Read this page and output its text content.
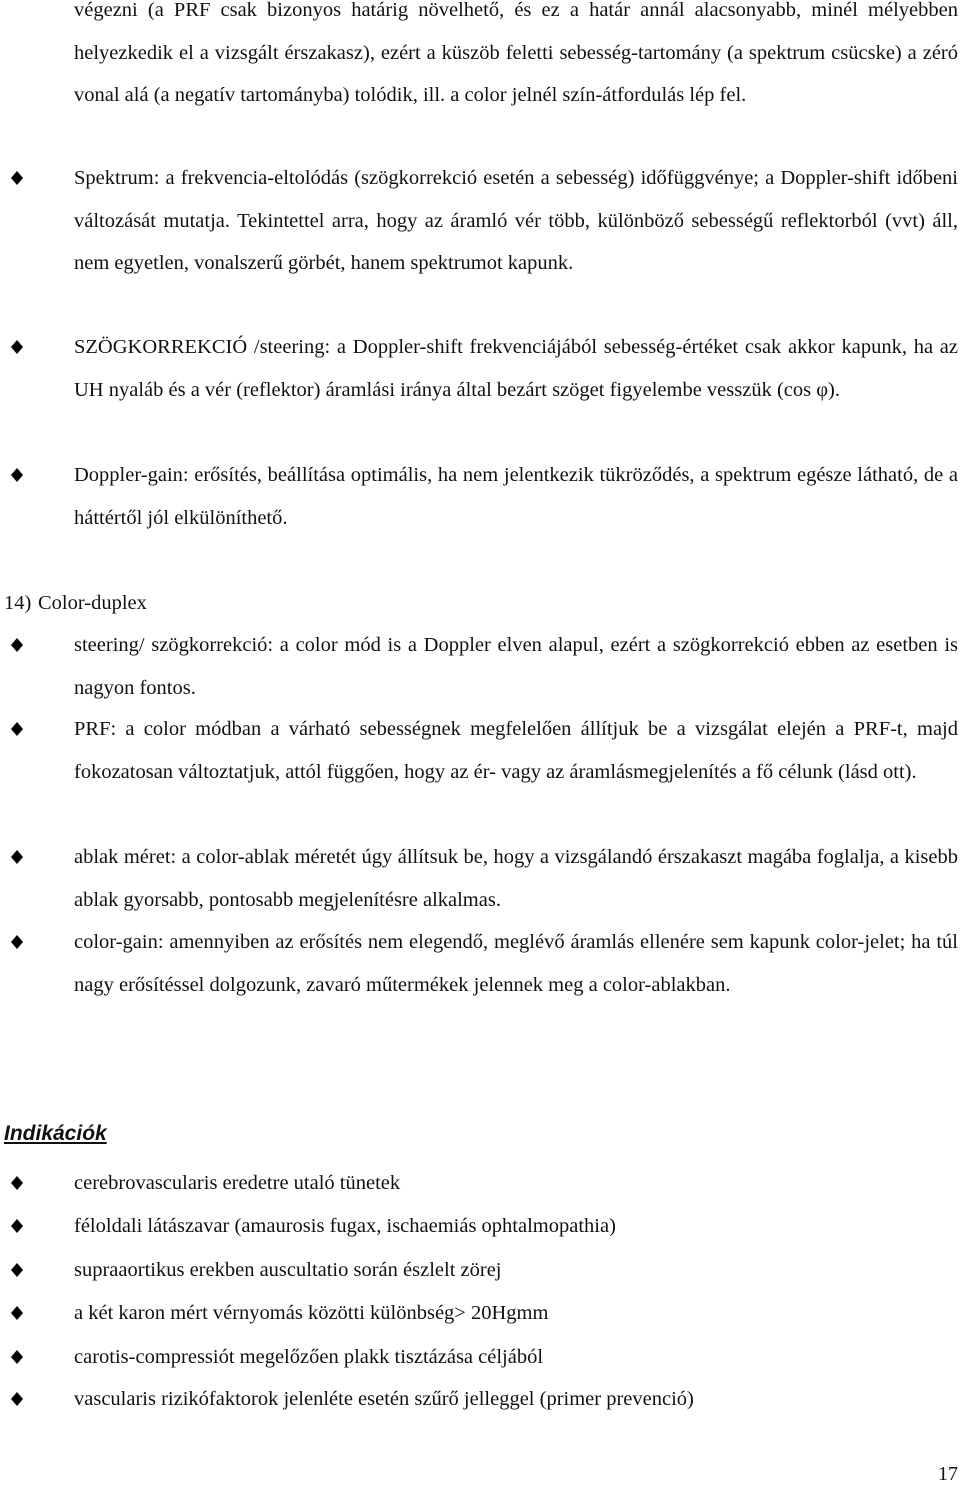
végezni (a PRF csak bizonyos határig növelhető, és ez a határ annál alacsonyabb, minél mélyebben helyezkedik el a vizsgált érszakasz), ezért a küszöb feletti sebesség-tartomány (a spektrum csücske) a zéró vonal alá (a negatív tartományba) tolódik, ill. a color jelnél szín-átfordulás lép fel.
Spektrum: a frekvencia-eltolódás (szögkorrekció esetén a sebesség) időfüggvénye; a Doppler-shift időbeni változását mutatja. Tekintettel arra, hogy az áramló vér több, különböző sebességű reflektorból (vvt) áll, nem egyetlen, vonalszerű görbét, hanem spektrumot kapunk.
SZÖGKORREKCIÓ /steering: a Doppler-shift frekvenciájából sebesség-értéket csak akkor kapunk, ha az UH nyaláb és a vér (reflektor) áramlási iránya által bezárt szöget figyelembe vesszük (cos φ).
Doppler-gain: erősítés, beállítása optimális, ha nem jelentkezik tükröződés, a spektrum egésze látható, de a háttértől jól elkülöníthető.
14) Color-duplex
steering/ szögkorrekció: a color mód is a Doppler elven alapul, ezért a szögkorrekció ebben az esetben is nagyon fontos.
PRF: a color módban a várható sebességnek megfelelően állítjuk be a vizsgálat elején a PRF-t, majd fokozatosan változtatjuk, attól függően, hogy az ér- vagy az áramlásmegjelenítés a fő célunk (lásd ott).
ablak méret: a color-ablak méretét úgy állítsuk be, hogy a vizsgálandó érszakaszt magába foglalja, a kisebb ablak gyorsabb, pontosabb megjelenítésre alkalmas.
color-gain: amennyiben az erősítés nem elegendő, meglévő áramlás ellenére sem kapunk color-jelet; ha túl nagy erősítéssel dolgozunk, zavaró műtermékek jelennek meg a color-ablakban.
Indikációk
cerebrovascularis eredetre utaló tünetek
féloldali látászavar (amaurosis fugax, ischaemiás ophtalmopathia)
supraaortikus erekben auscultatio során észlelt zörej
a két karon mért vérnyomás közötti különbség> 20Hgmm
carotis-compressiót megelőzően plakk tisztázása céljából
vascularis rizikófaktorok jelenléte esetén szűrő jelleggel (primer prevenció)
17
